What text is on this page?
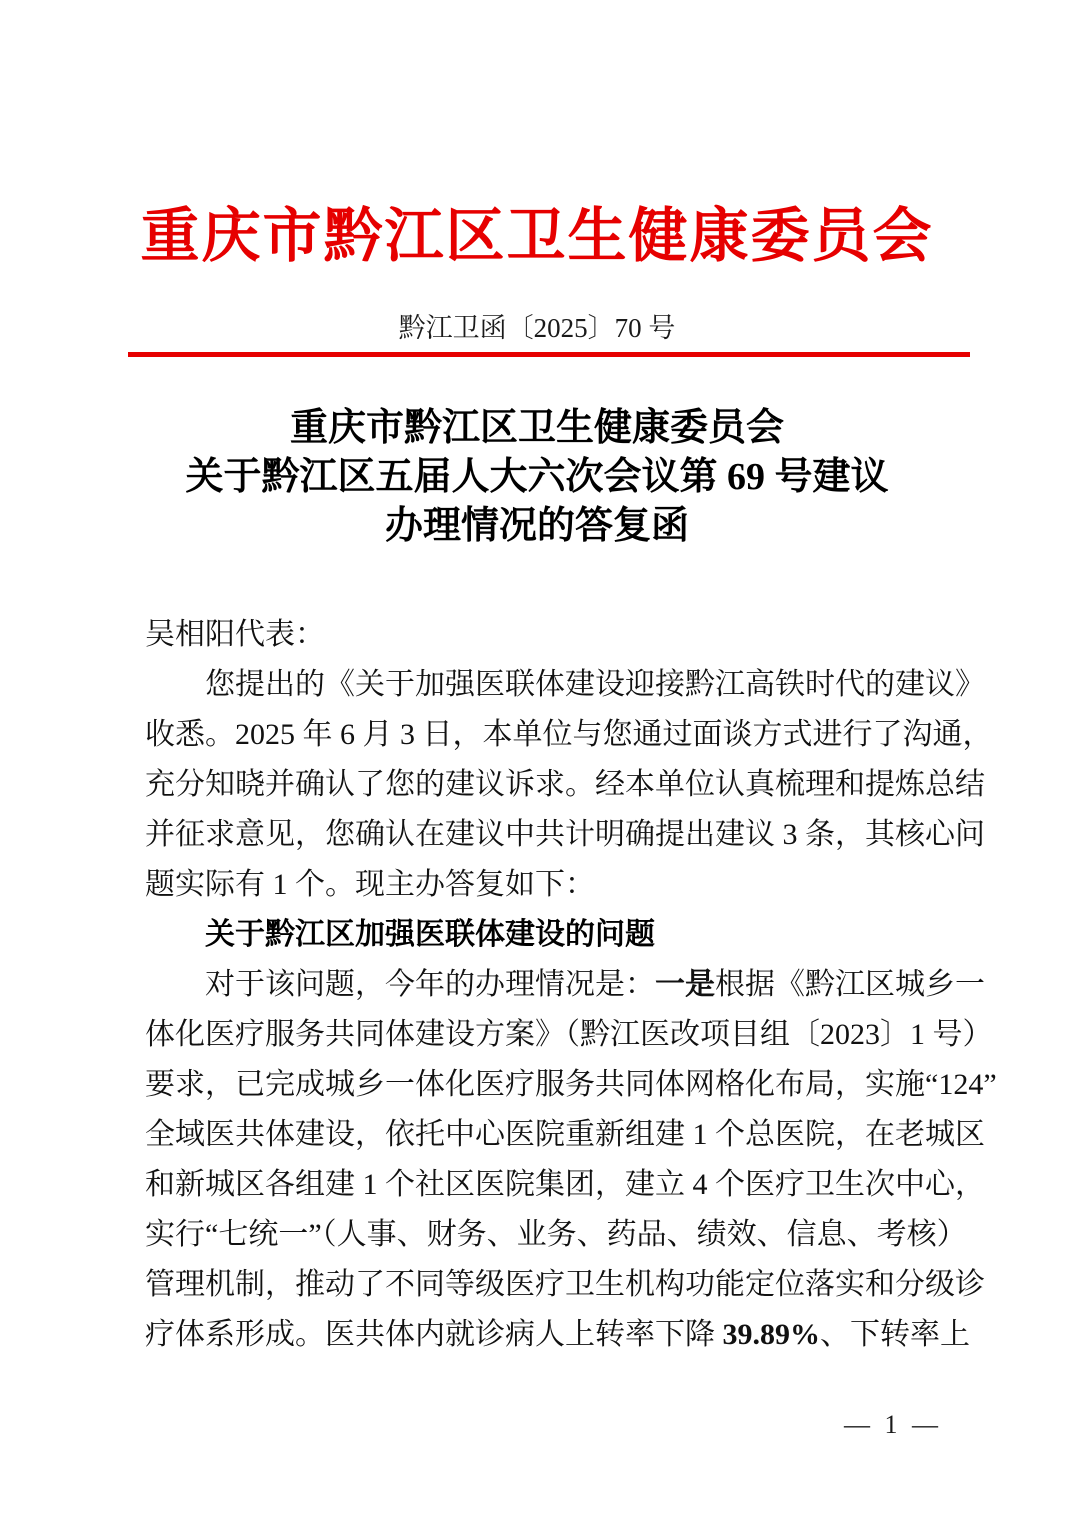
重庆市黔江区卫生健康委员会
黔江卫函〔2025〕70 号
重庆市黔江区卫生健康委员会
关于黔江区五届人大六次会议第 69 号建议
办理情况的答复函
吴相阳代表：
您提出的《关于加强医联体建设迎接黔江高铁时代的建议》
收悉。2025 年 6 月 3 日，本单位与您通过面谈方式进行了沟通，
充分知晓并确认了您的建议诉求。经本单位认真梳理和提炼总结
并征求意见，您确认在建议中共计明确提出建议 3 条，其核心问
题实际有 1 个。现主办答复如下：
关于黔江区加强医联体建设的问题
对于该问题，今年的办理情况是：一是根据《黔江区城乡一
体化医疗服务共同体建设方案》（黔江医改项目组〔2023〕1 号）
要求，已完成城乡一体化医疗服务共同体网格化布局，实施“124”
全域医共体建设，依托中心医院重新组建 1 个总医院，在老城区
和新城区各组建 1 个社区医院集团，建立 4 个医疗卫生次中心，
实行“七统一”（人事、财务、业务、药品、绩效、信息、考核）
管理机制，推动了不同等级医疗卫生机构功能定位落实和分级诊
疗体系形成。医共体内就诊病人上转率下降 39.89%、下转率上
— 1 —
